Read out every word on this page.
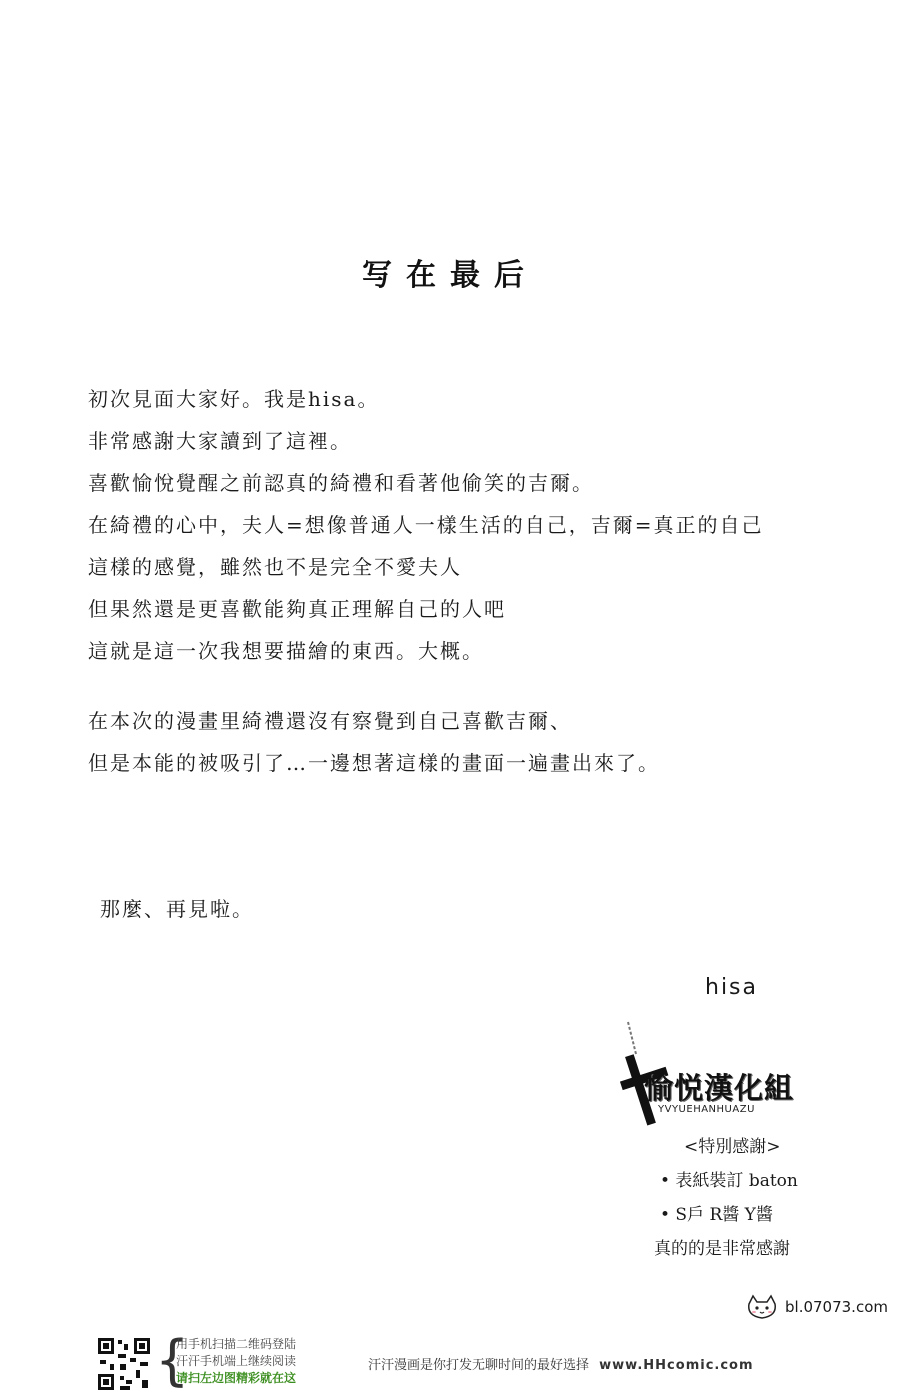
写在最后
初次見面大家好。我是hisa。
非常感謝大家讀到了這裡。
喜歡愉悅覺醒之前認真的綺禮和看著他偷笑的吉爾。
在綺禮的心中，夫人=想像普通人一樣生活的自己，吉爾=真正的自己
這樣的感覺，雖然也不是完全不愛夫人
但果然還是更喜歡能夠真正理解自己的人吧
這就是這一次我想要描繪的東西。大概。
在本次的漫畫里綺禮還沒有察覺到自己喜歡吉爾、
但是本能的被吸引了…一邊想著這樣的畫面一遍畫出來了。
那麼、再見啦。
hisa
愉悦漢化組
YVYUEHANHUAZU
<特別感謝>
• 表紙裝訂 baton
• S戶 R醬 Y醬
真的的是非常感謝
bl.07073.com
{
用手机扫描二维码登陆
汗汗手机端上继续阅读
请扫左边图精彩就在这
汗汗漫画是你打发无聊时间的最好选择 www.HHcomic.com
